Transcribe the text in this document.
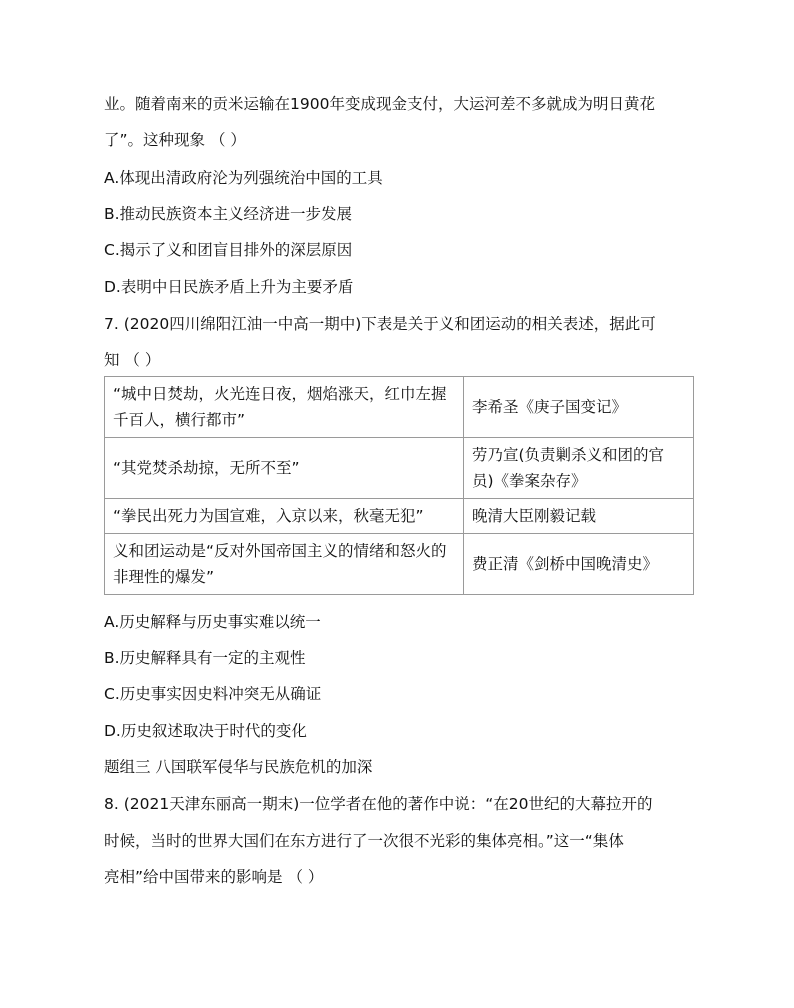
业。随着南来的贡米运输在1900年变成现金支付，大运河差不多就成为明日黄花
了”。这种现象 （ ）
A.体现出清政府沦为列强统治中国的工具
B.推动民族资本主义经济进一步发展
C.揭示了义和团盲目排外的深层原因
D.表明中日民族矛盾上升为主要矛盾
7. (2020四川绵阳江油一中高一期中)下表是关于义和团运动的相关表述，据此可
知 （ ）
“城中日焚劫，火光连日夜，烟焰涨天，红巾左握千百人，横行都市”	李希圣《庚子国变记》
“其党焚杀劫掠，无所不至”	劳乃宣(负责剿杀义和团的官员)《拳案杂存》
“拳民出死力为国宣难，入京以来，秋毫无犯”	晚清大臣刚毅记载
义和团运动是“反对外国帝国主义的情绪和怒火的非理性的爆发”	费正清《剑桥中国晚清史》
A.历史解释与历史事实难以统一
B.历史解释具有一定的主观性
C.历史事实因史料冲突无从确证
D.历史叙述取决于时代的变化
题组三 八国联军侵华与民族危机的加深
8. (2021天津东丽高一期末)一位学者在他的著作中说：“在20世纪的大幕拉开的
时候，当时的世界大国们在东方进行了一次很不光彩的集体亮相。”这一“集体
亮相”给中国带来的影响是 （ ）
